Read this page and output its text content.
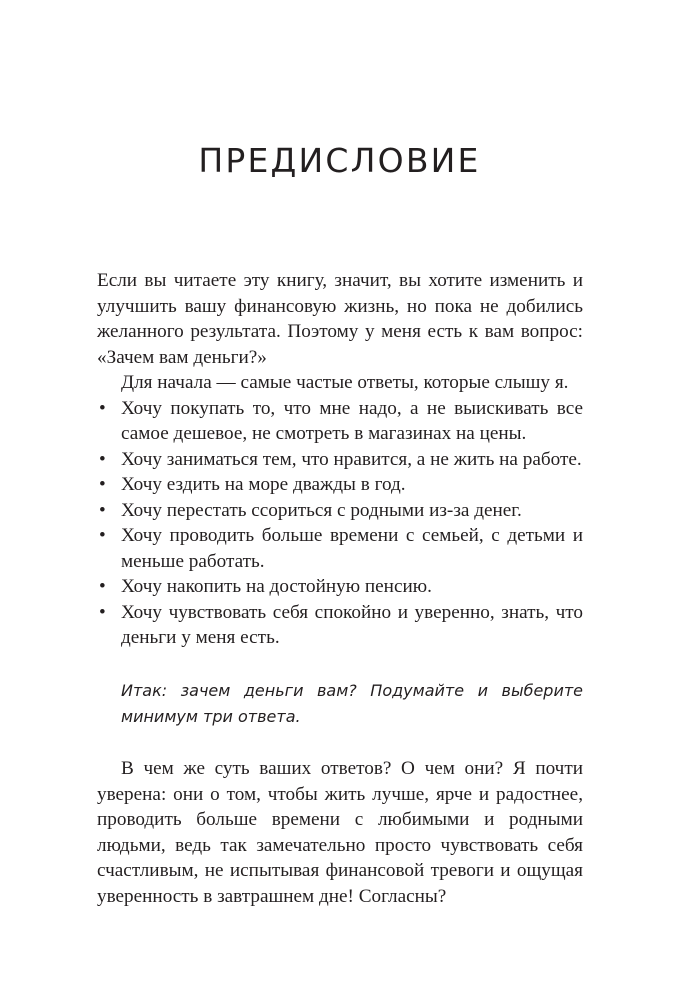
ПРЕДИСЛОВИЕ

Если вы читаете эту книгу, значит, вы хотите изменить и улучшить вашу финансовую жизнь, но пока не добились желанного результата. Поэтому у меня есть к вам вопрос: «Зачем вам деньги?»

Для начала — самые частые ответы, которые слышу я.

• Хочу покупать то, что мне надо, а не выискивать все самое дешевое, не смотреть в магазинах на цены.
• Хочу заниматься тем, что нравится, а не жить на работе.
• Хочу ездить на море дважды в год.
• Хочу перестать ссориться с родными из-за денег.
• Хочу проводить больше времени с семьей, с детьми и меньше работать.
• Хочу накопить на достойную пенсию.
• Хочу чувствовать себя спокойно и уверенно, знать, что деньги у меня есть.

Итак: зачем деньги вам? Подумайте и выберите минимум три ответа.

В чем же суть ваших ответов? О чем они? Я почти уверена: они о том, чтобы жить лучше, ярче и радостнее, проводить больше времени с любимыми и родными людьми, ведь так замечательно просто чувствовать себя счастливым, не испытывая финансовой тревоги и ощущая уверенность в завтрашнем дне! Согласны?
